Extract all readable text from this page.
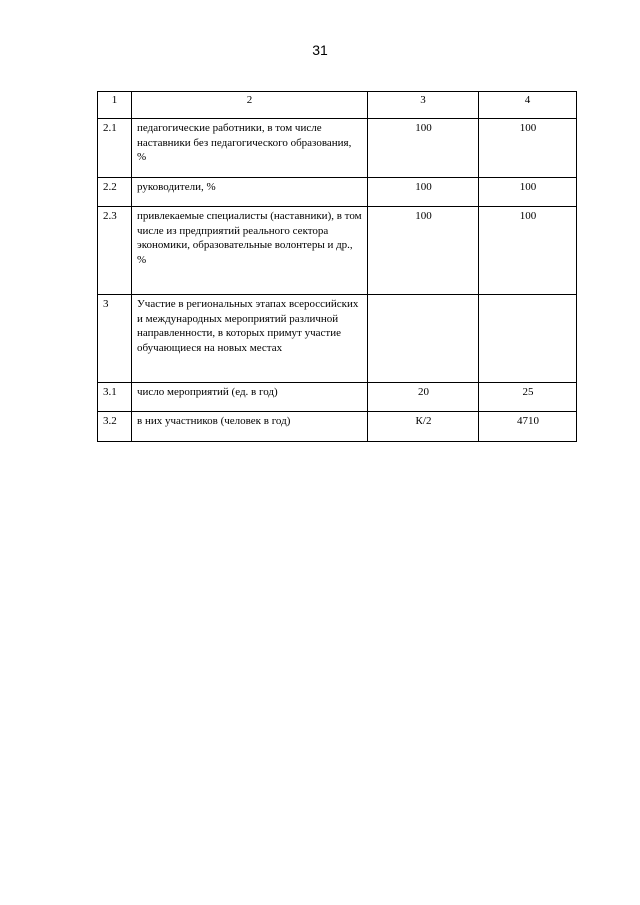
31
1	2	3	4
2.1	педагогические работники, в том числе наставники без педагогического образования, %	100	100
2.2	руководители, %	100	100
2.3	привлекаемые специалисты (наставники), в том числе из предприятий реального сектора экономики, образовательные волонтеры и др., %	100	100
3	Участие в региональных этапах всероссийских и международных мероприятий различной направленности, в которых примут участие обучающиеся на новых местах		
3.1	число мероприятий (ед. в год)	20	25
3.2	в них участников (человек в год)	К/2	4710
